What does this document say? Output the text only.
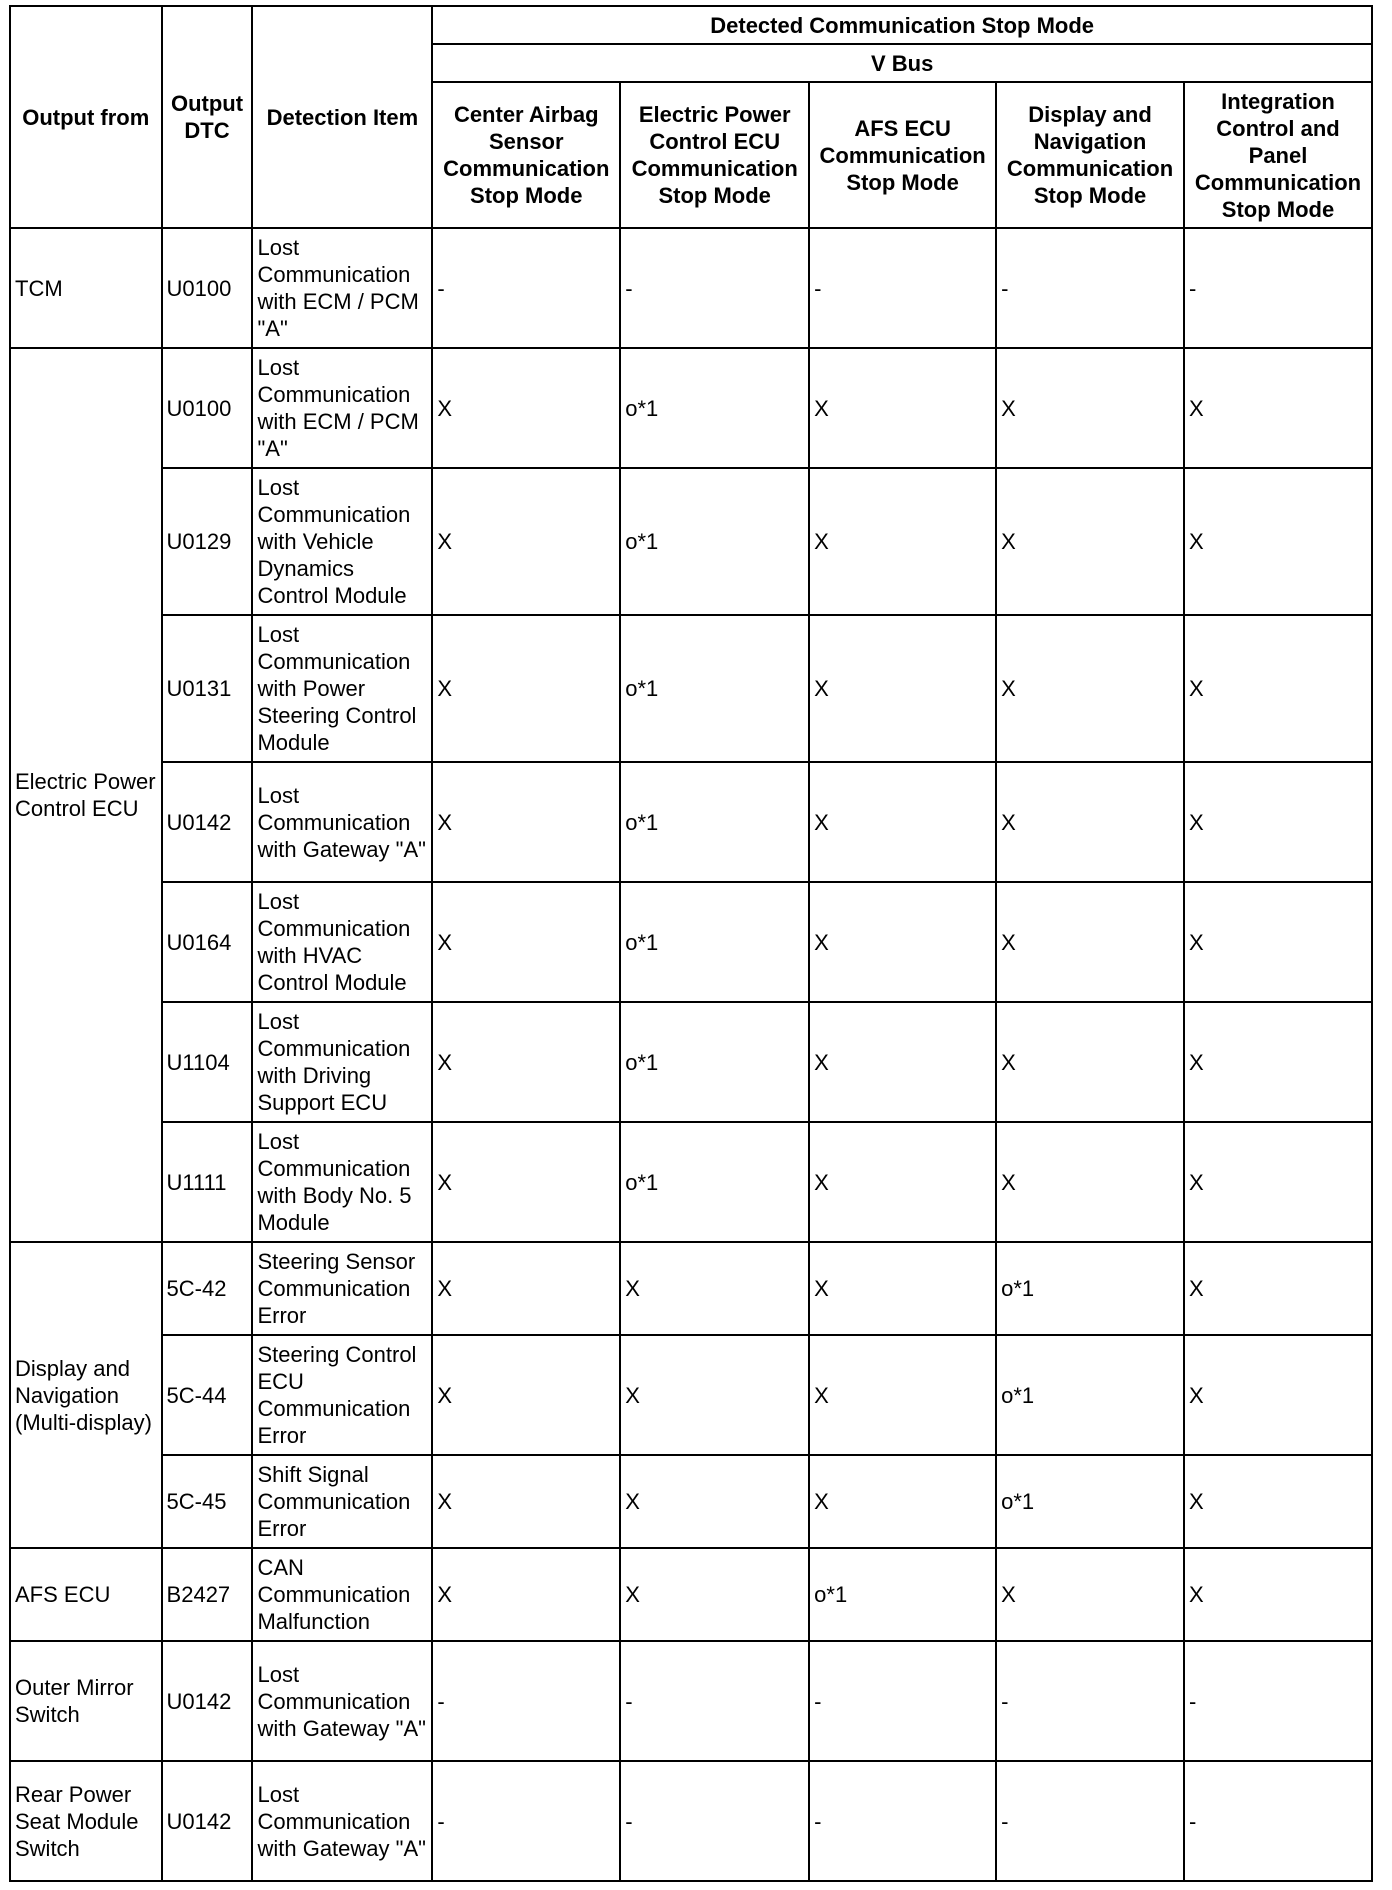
Output from	Output DTC	Detection Item	Detected Communication Stop Mode				
			V Bus				
			Center Airbag Sensor Communication Stop Mode	Electric Power Control ECU Communication Stop Mode	AFS ECU Communication Stop Mode	Display and Navigation Communication Stop Mode	Integration Control and Panel Communication Stop Mode
TCM	U0100	Lost Communication with ECM / PCM "A"	-	-	-	-	-
Electric Power Control ECU	U0100	Lost Communication with ECM / PCM "A"	X	o*1	X	X	X
	U0129	Lost Communication with Vehicle Dynamics Control Module	X	o*1	X	X	X
	U0131	Lost Communication with Power Steering Control Module	X	o*1	X	X	X
	U0142	Lost Communication with Gateway "A"	X	o*1	X	X	X
	U0164	Lost Communication with HVAC Control Module	X	o*1	X	X	X
	U1104	Lost Communication with Driving Support ECU	X	o*1	X	X	X
	U1111	Lost Communication with Body No. 5 Module	X	o*1	X	X	X
Display and Navigation (Multi-display)	5C-42	Steering Sensor Communication Error	X	X	X	o*1	X
	5C-44	Steering Control ECU Communication Error	X	X	X	o*1	X
	5C-45	Shift Signal Communication Error	X	X	X	o*1	X
AFS ECU	B2427	CAN Communication Malfunction	X	X	o*1	X	X
Outer Mirror Switch	U0142	Lost Communication with Gateway "A"	-	-	-	-	-
Rear Power Seat Module Switch	U0142	Lost Communication with Gateway "A"	-	-	-	-	-
